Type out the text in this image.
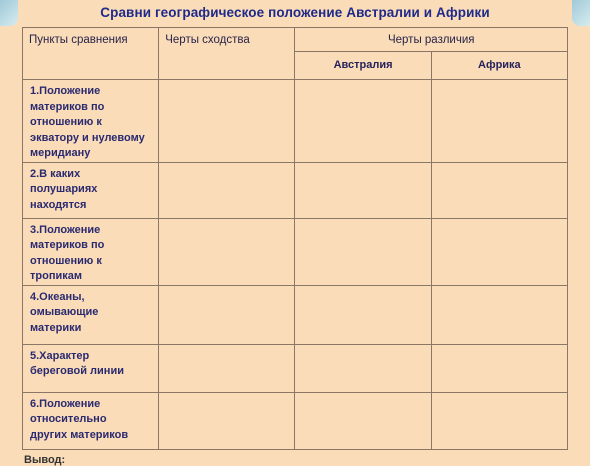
Сравни географическое положение Австралии и Африки
Пункты сравнения	Черты сходства	Черты различия	
		Австралия	Африка
1.Положение
материков по
отношению к
экватору и нулевому
меридиану			
2.В каких
полушариях
находятся			
3.Положение
материков по
отношению к
тропикам			
4.Океаны,
омывающие
материки			
5.Характер
береговой линии			
6.Положение
относительно
других материков			
Вывод:
